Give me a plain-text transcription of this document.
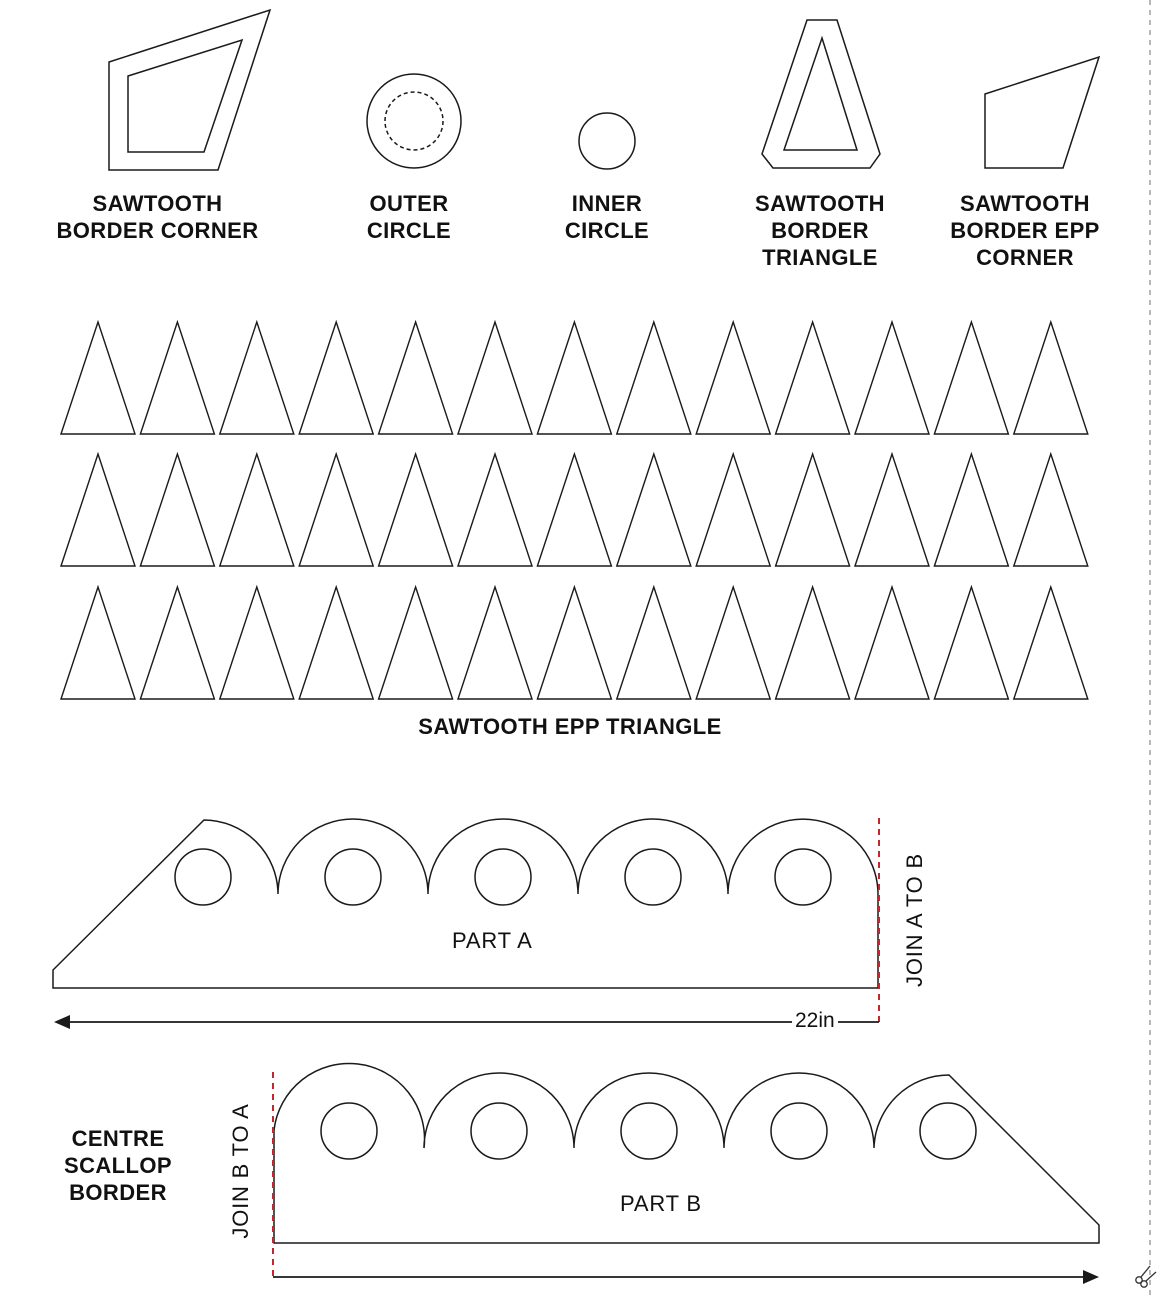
SAWTOOTH
BORDER CORNER
OUTER
CIRCLE
INNER
CIRCLE
SAWTOOTH
BORDER
TRIANGLE
SAWTOOTH
BORDER EPP
CORNER
SAWTOOTH EPP TRIANGLE
PART A	JOIN A TO B
22in
CENTRE
SCALLOP
BORDER	JOIN B TO A	PART B
